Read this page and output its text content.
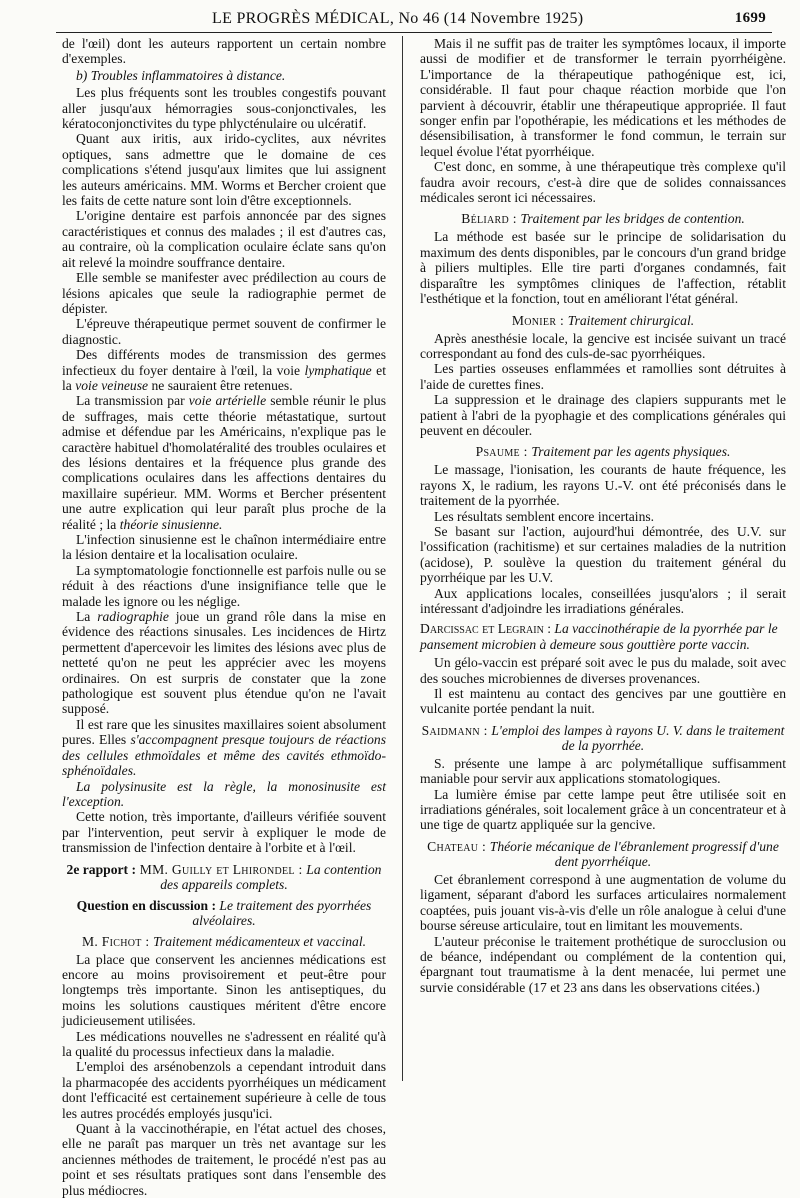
LE PROGRÈS MÉDICAL, No 46 (14 Novembre 1925)	1699

de l'œil) dont les auteurs rapportent un certain nombre d'exemples.

b) Troubles inflammatoires à distance.

Les plus fréquents sont les troubles congestifs pouvant aller jusqu'aux hémorragies sous-conjonctivales, les kératoconjonctivites du type phlycténulaire ou ulcératif.

Quant aux iritis, aux irido-cyclites, aux névrites optiques, sans admettre que le domaine de ces complications s'étend jusqu'aux limites que lui assignent les auteurs américains. MM. Worms et Bercher croient que les faits de cette nature sont loin d'être exceptionnels.

L'origine dentaire est parfois annoncée par des signes caractéristiques et connus des malades ; il est d'autres cas, au contraire, où la complication oculaire éclate sans qu'on ait relevé la moindre souffrance dentaire.

Elle semble se manifester avec prédilection au cours de lésions apicales que seule la radiographie permet de dépister.

L'épreuve thérapeutique permet souvent de confirmer le diagnostic.

Des différents modes de transmission des germes infectieux du foyer dentaire à l'œil, la voie lymphatique et la voie veineuse ne sauraient être retenues.

La transmission par voie artérielle semble réunir le plus de suffrages, mais cette théorie métastatique, surtout admise et défendue par les Américains, n'explique pas le caractère habituel d'homolatéralité des troubles oculaires et des lésions dentaires et la fréquence plus grande des complications oculaires dans les affections dentaires du maxillaire supérieur. MM. Worms et Bercher présentent une autre explication qui leur paraît plus proche de la réalité ; la théorie sinusienne.

L'infection sinusienne est le chaînon intermédiaire entre la lésion dentaire et la localisation oculaire.

La symptomatologie fonctionnelle est parfois nulle ou se réduit à des réactions d'une insignifiance telle que le malade les ignore ou les néglige.

La radiographie joue un grand rôle dans la mise en évidence des réactions sinusales. Les incidences de Hirtz permettent d'apercevoir les limites des lésions avec plus de netteté qu'on ne peut les apprécier avec les moyens ordinaires. On est surpris de constater que la zone pathologique est souvent plus étendue qu'on ne l'avait supposé.

Il est rare que les sinusites maxillaires soient absolument pures. Elles s'accompagnent presque toujours de réactions des cellules ethmoïdales et même des cavités ethmoïdo-sphénoïdales.

La polysinusite est la règle, la monosinusite est l'exception.

Cette notion, très importante, d'ailleurs vérifiée souvent par l'intervention, peut servir à expliquer le mode de transmission de l'infection dentaire à l'orbite et à l'œil.

2e rapport : MM. Guilly et Lhirondel : La contention des appareils complets.
Question en discussion : Le traitement des pyorrhées alvéolaires.
M. Fichot : Traitement médicamenteux et vaccinal.

La place que conservent les anciennes médications est encore au moins provisoirement et peut-être pour longtemps très importante. Sinon les antiseptiques, du moins les solutions caustiques méritent d'être encore judicieusement utilisées.

Les médications nouvelles ne s'adressent en réalité qu'à la qualité du processus infectieux dans la maladie.

L'emploi des arsénobenzols a cependant introduit dans la pharmacopée des accidents pyorrhéiques un médicament dont l'efficacité est certainement supérieure à celle de tous les autres procédés employés jusqu'ici.

Quant à la vaccinothérapie, en l'état actuel des choses, elle ne paraît pas marquer un très net avantage sur les anciennes méthodes de traitement, le procédé n'est pas au point et ses résultats pratiques sont dans l'ensemble des plus médiocres.

Mais il ne suffit pas de traiter les symptômes locaux, il importe aussi de modifier et de transformer le terrain pyorrhéigène. L'importance de la thérapeutique pathogénique est, ici, considérable. Il faut pour chaque réaction morbide que l'on parvient à découvrir, établir une thérapeutique appropriée. Il faut songer enfin par l'opothérapie, les médications et les méthodes de désensibilisation, à transformer le fond commun, le terrain sur lequel évolue l'état pyorrhéique.

C'est donc, en somme, à une thérapeutique très complexe qu'il faudra avoir recours, c'est-à dire que de solides connaissances médicales seront ici nécessaires.

Béliard : Traitement par les bridges de contention.

La méthode est basée sur le principe de solidarisation du maximum des dents disponibles, par le concours d'un grand bridge à piliers multiples. Elle tire parti d'organes condamnés, fait disparaître les symptômes cliniques de l'affection, rétablit l'esthétique et la fonction, tout en améliorant l'état général.

Monier : Traitement chirurgical.

Après anesthésie locale, la gencive est incisée suivant un tracé correspondant au fond des culs-de-sac pyorrhéiques.

Les parties osseuses enflammées et ramollies sont détruites à l'aide de curettes fines.

La suppression et le drainage des clapiers suppurants met le patient à l'abri de la pyophagie et des complications générales qui peuvent en découler.

Psaume : Traitement par les agents physiques.

Le massage, l'ionisation, les courants de haute fréquence, les rayons X, le radium, les rayons U.-V. ont été préconisés dans le traitement de la pyorrhée.

Les résultats semblent encore incertains.

Se basant sur l'action, aujourd'hui démontrée, des U.V. sur l'ossification (rachitisme) et sur certaines maladies de la nutrition (acidose), P. soulève la question du traitement général du pyorrhéique par les U.V.

Aux applications locales, conseillées jusqu'alors ; il serait intéressant d'adjoindre les irradiations générales.

Darcissac et Legrain : La vaccinothérapie de la pyorrhée par le pansement microbien à demeure sous gouttière porte vaccin.

Un gélo-vaccin est préparé soit avec le pus du malade, soit avec des souches microbiennes de diverses provenances.

Il est maintenu au contact des gencives par une gouttière en vulcanite portée pendant la nuit.

Saidmann : L'emploi des lampes à rayons U. V. dans le traitement de la pyorrhée.

S. présente une lampe à arc polymétallique suffisamment maniable pour servir aux applications stomatologiques.

La lumière émise par cette lampe peut être utilisée soit en irradiations générales, soit localement grâce à un concentrateur et à une tige de quartz appliquée sur la gencive.

Chateau : Théorie mécanique de l'ébranlement progressif d'une dent pyorrhéique.

Cet ébranlement correspond à une augmentation de volume du ligament, séparant d'abord les surfaces articulaires normalement coaptées, puis jouant vis-à-vis d'elle un rôle analogue à celui d'une bourse séreuse articulaire, tout en limitant les mouvements.

L'auteur préconise le traitement prothétique de surocclusion ou de béance, indépendant ou complément de la contention qui, épargnant tout traumatisme à la dent menacée, lui permet une survie considérable (17 et 23 ans dans les observations citées.)
